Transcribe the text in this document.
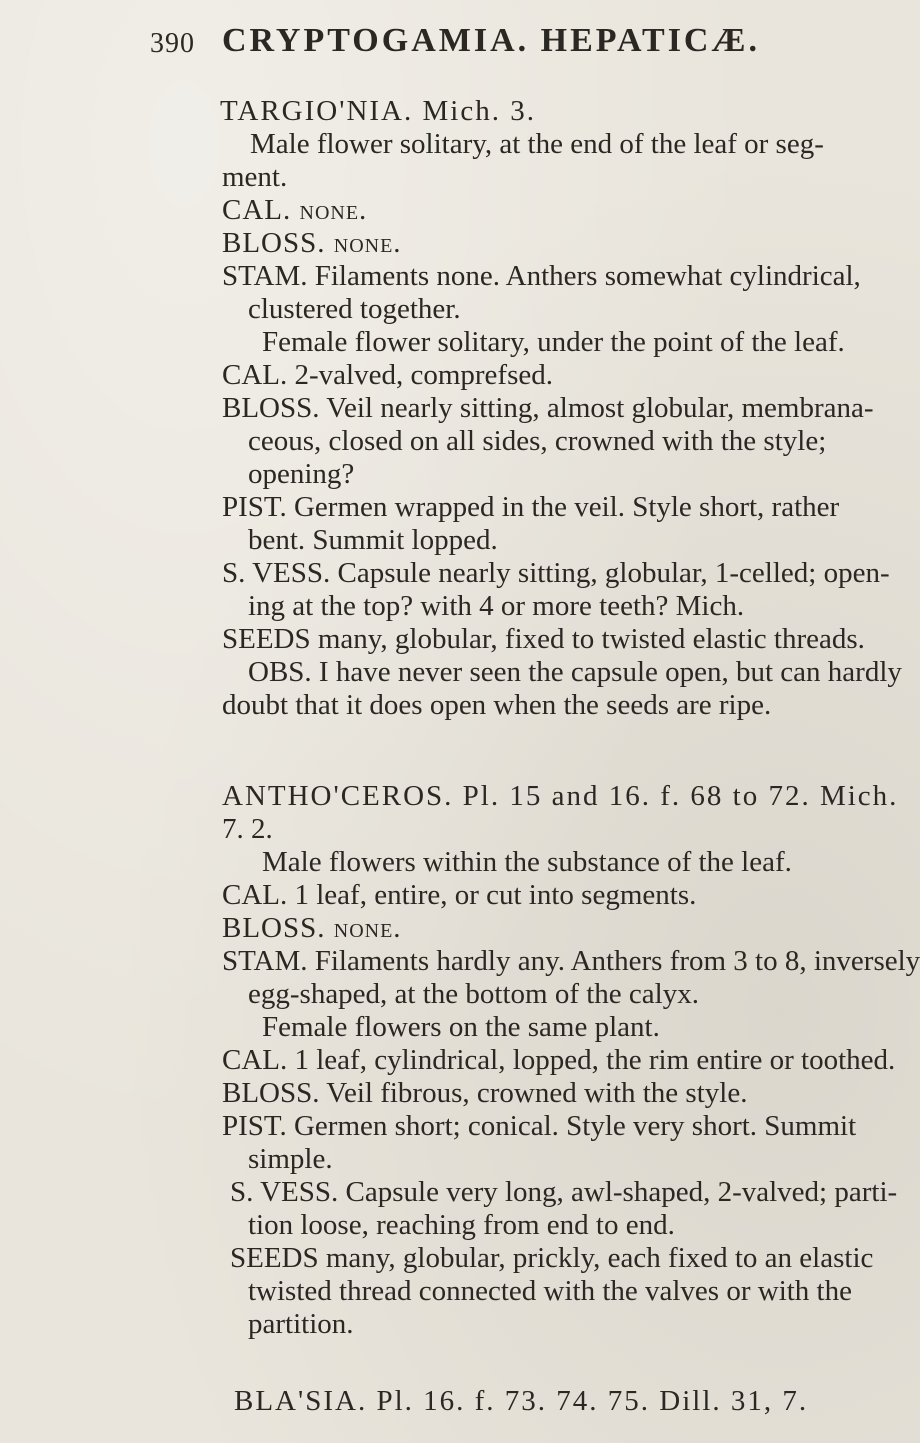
390 CRYPTOGAMIA. HEPATICÆ.
TARGIO'NIA. Mich. 3.
Male flower solitary, at the end of the leaf or seg-
ment.
CAL. none.
BLOSS. none.
STAM. Filaments none. Anthers somewhat cylindrical,
clustered together.
Female flower solitary, under the point of the leaf.
CAL. 2-valved, comprefsed.
BLOSS. Veil nearly sitting, almost globular, membrana-
ceous, closed on all sides, crowned with the style;
opening?
PIST. Germen wrapped in the veil. Style short, rather
bent. Summit lopped.
S. VESS. Capsule nearly sitting, globular, 1-celled; open-
ing at the top? with 4 or more teeth? Mich.
SEEDS many, globular, fixed to twisted elastic threads.
OBS. I have never seen the capsule open, but can hardly
doubt that it does open when the seeds are ripe.
ANTHO'CEROS. Pl. 15 and 16. f. 68 to 72. Mich.
7. 2.
Male flowers within the substance of the leaf.
CAL. 1 leaf, entire, or cut into segments.
BLOSS. none.
STAM. Filaments hardly any. Anthers from 3 to 8, inversely
egg-shaped, at the bottom of the calyx.
Female flowers on the same plant.
CAL. 1 leaf, cylindrical, lopped, the rim entire or toothed.
BLOSS. Veil fibrous, crowned with the style.
PIST. Germen short; conical. Style very short. Summit
simple.
S. VESS. Capsule very long, awl-shaped, 2-valved; parti-
tion loose, reaching from end to end.
SEEDS many, globular, prickly, each fixed to an elastic
twisted thread connected with the valves or with the
partition.
BLA'SIA. Pl. 16. f. 73. 74. 75. Dill. 31, 7.
